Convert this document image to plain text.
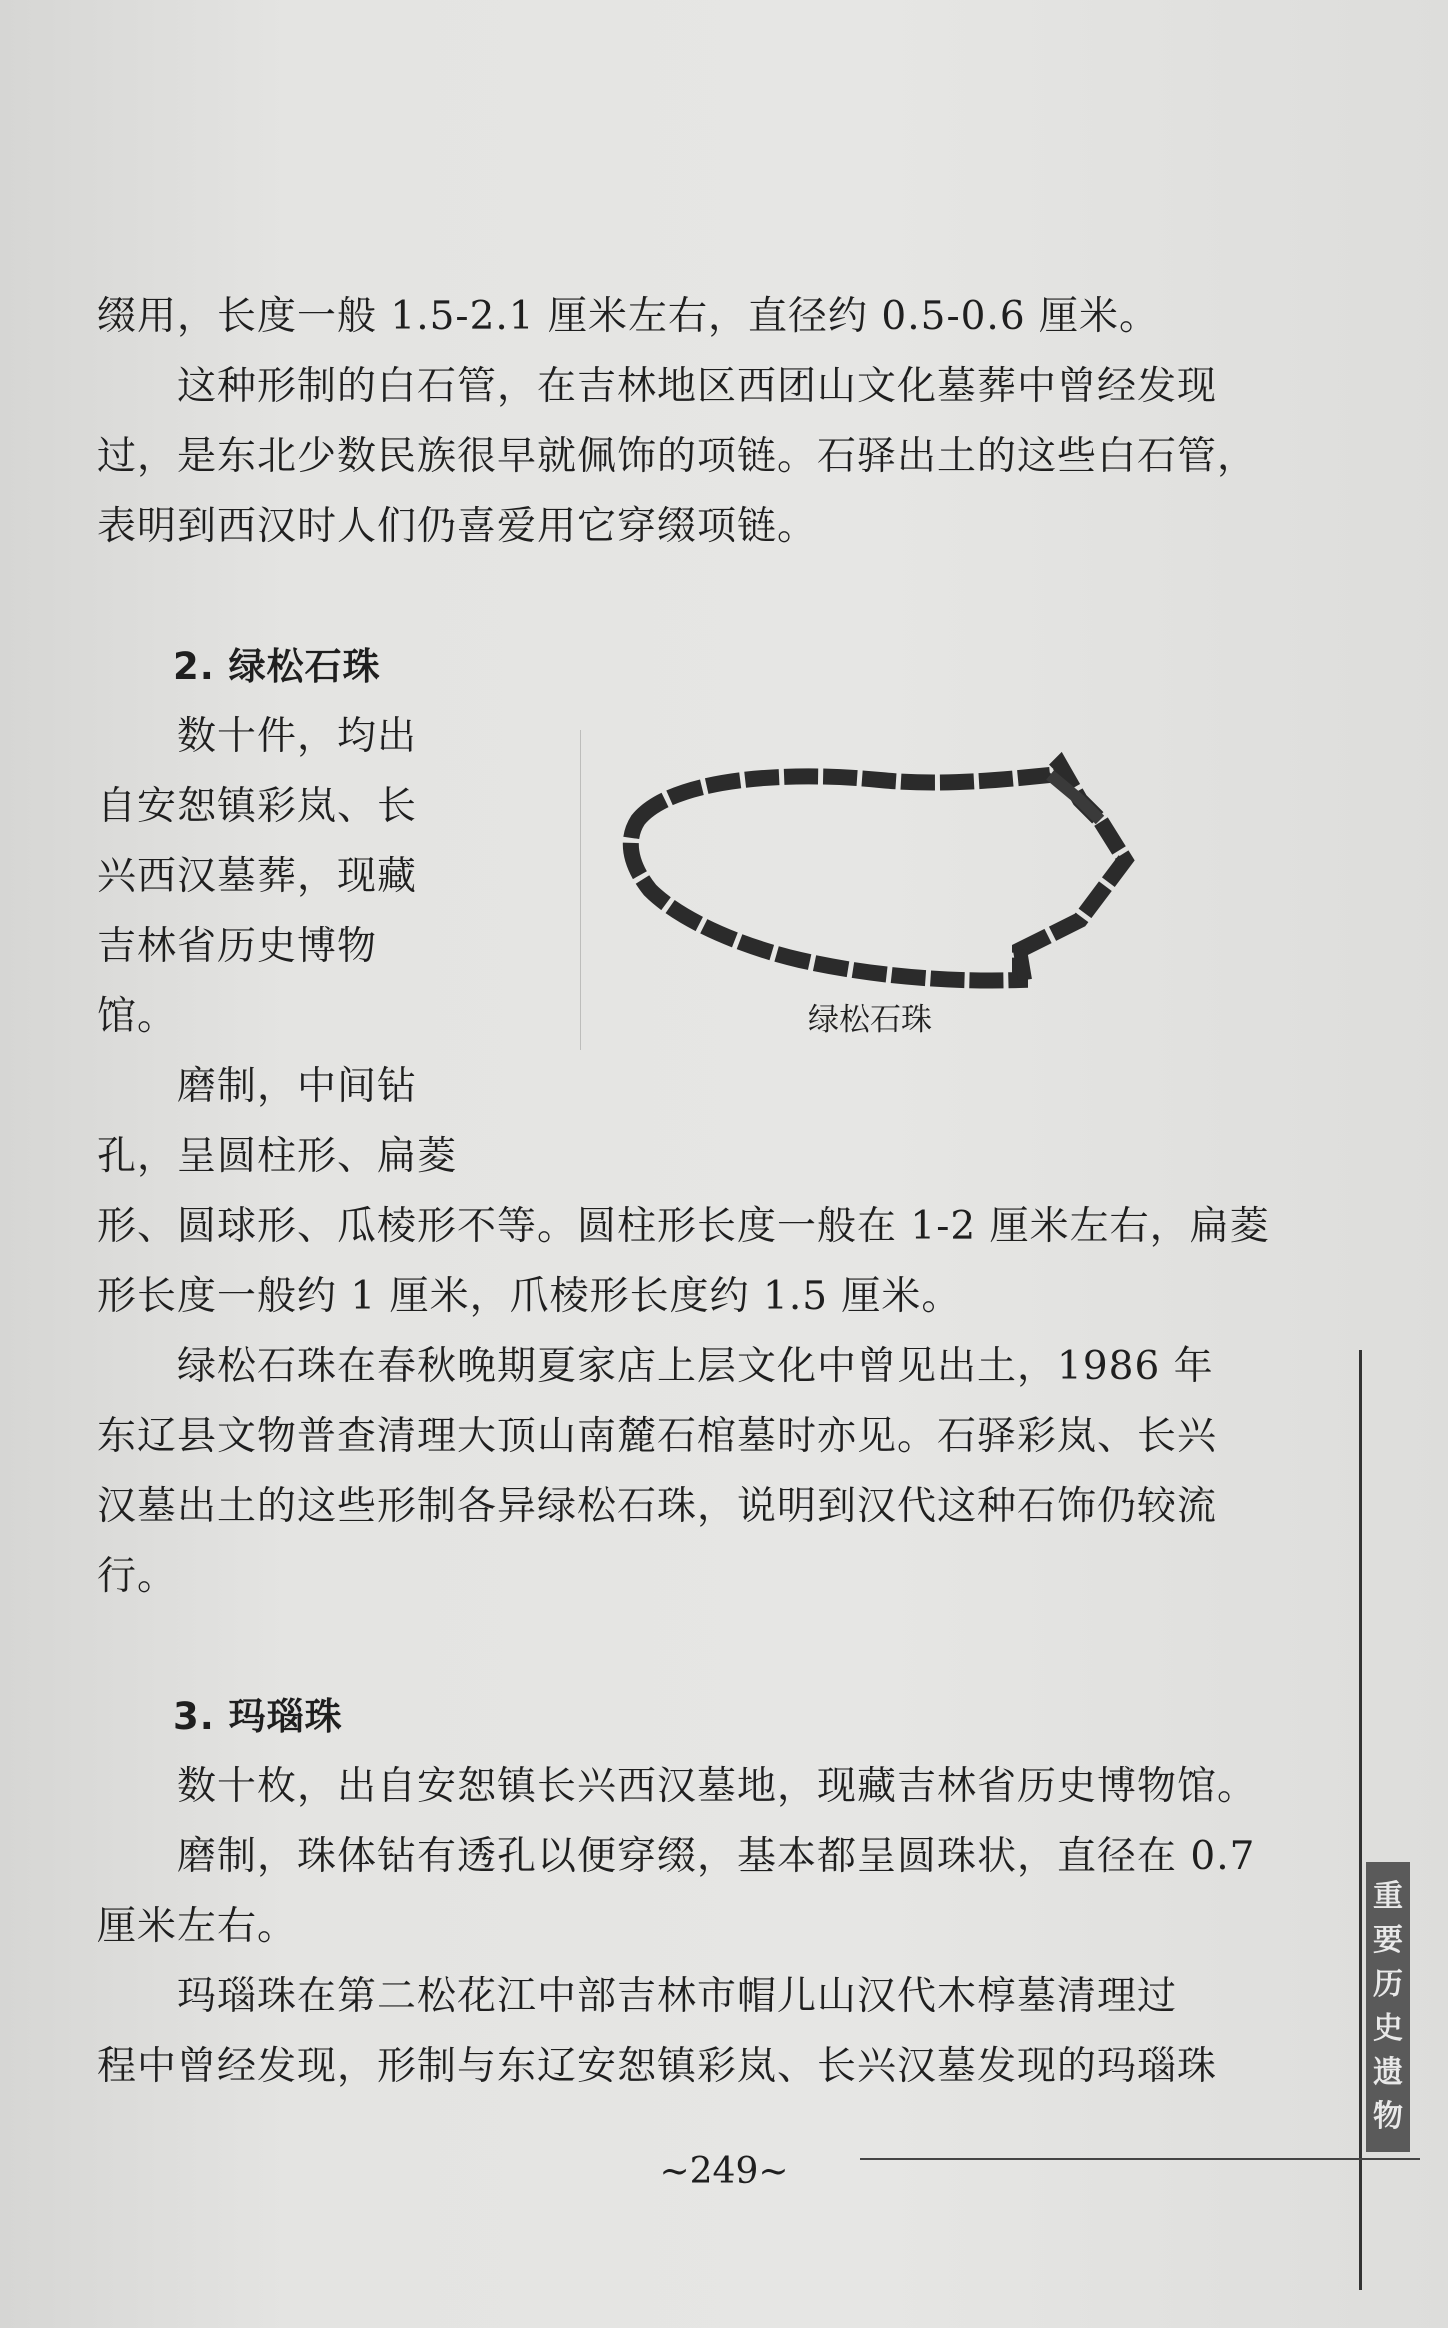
缀用，长度一般 1.5-2.1 厘米左右，直径约 0.5-0.6 厘米。
　　这种形制的白石管，在吉林地区西团山文化墓葬中曾经发现
过，是东北少数民族很早就佩饰的项链。石驿出土的这些白石管，
表明到西汉时人们仍喜爱用它穿缀项链。
　　2. 绿松石珠
　　数十件，均出
自安恕镇彩岚、长
兴西汉墓葬，现藏
吉林省历史博物
馆。
　　磨制，中间钻
孔，呈圆柱形、扁菱
形、圆球形、瓜棱形不等。圆柱形长度一般在 1-2 厘米左右，扁菱
形长度一般约 1 厘米，爪棱形长度约 1.5 厘米。
　　绿松石珠在春秋晚期夏家店上层文化中曾见出土，1986 年
东辽县文物普查清理大顶山南麓石棺墓时亦见。石驿彩岚、长兴
汉墓出土的这些形制各异绿松石珠，说明到汉代这种石饰仍较流
行。
　　3. 玛瑙珠
　　数十枚，出自安恕镇长兴西汉墓地，现藏吉林省历史博物馆。
　　磨制，珠体钻有透孔以便穿缀，基本都呈圆珠状，直径在 0.7
厘米左右。
　　玛瑙珠在第二松花江中部吉林市帽儿山汉代木椁墓清理过
程中曾经发现，形制与东辽安恕镇彩岚、长兴汉墓发现的玛瑙珠
绿松石珠
重
要
历
史
遗
物
~249~
